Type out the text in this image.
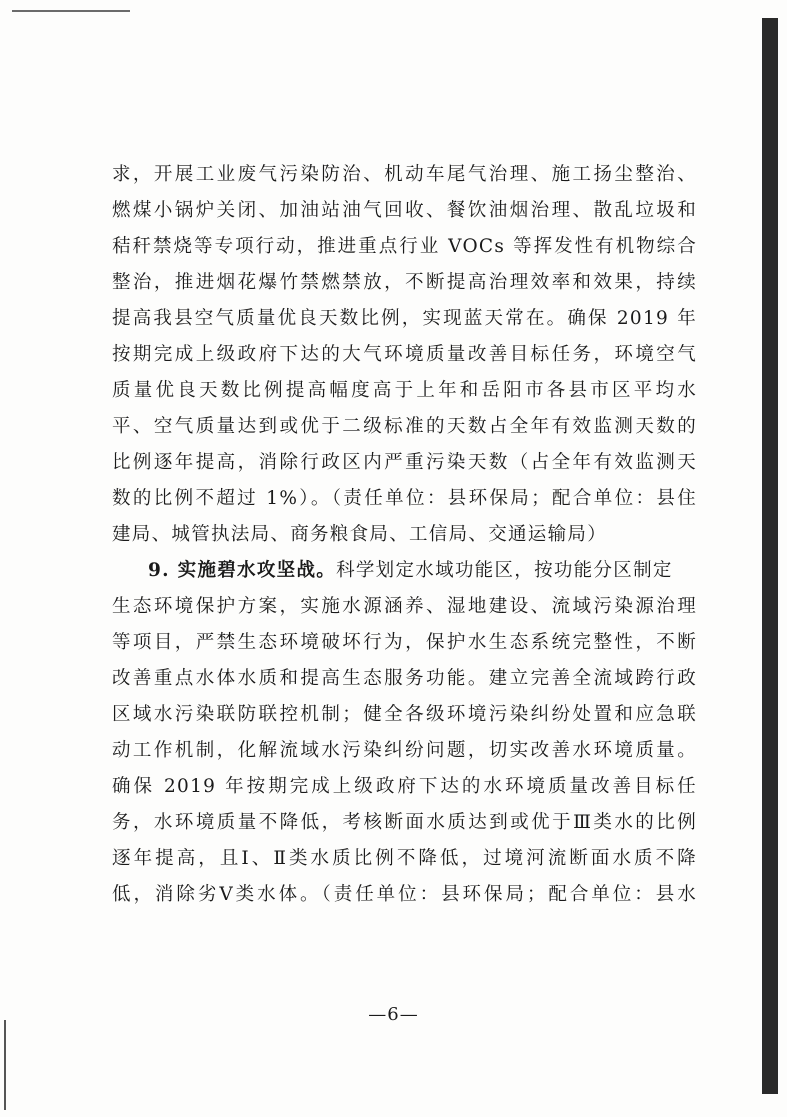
求，开展工业废气污染防治、机动车尾气治理、施工扬尘整治、
燃煤小锅炉关闭、加油站油气回收、餐饮油烟治理、散乱垃圾和
秸秆禁烧等专项行动，推进重点行业 VOCs 等挥发性有机物综合
整治，推进烟花爆竹禁燃禁放，不断提高治理效率和效果，持续
提高我县空气质量优良天数比例，实现蓝天常在。确保 2019 年
按期完成上级政府下达的大气环境质量改善目标任务，环境空气
质量优良天数比例提高幅度高于上年和岳阳市各县市区平均水
平、空气质量达到或优于二级标准的天数占全年有效监测天数的
比例逐年提高，消除行政区内严重污染天数（占全年有效监测天
数的比例不超过 1%）。（责任单位：县环保局；配合单位：县住
建局、城管执法局、商务粮食局、工信局、交通运输局）
9. 实施碧水攻坚战。科学划定水域功能区，按功能分区制定
生态环境保护方案，实施水源涵养、湿地建设、流域污染源治理
等项目，严禁生态环境破坏行为，保护水生态系统完整性，不断
改善重点水体水质和提高生态服务功能。建立完善全流域跨行政
区域水污染联防联控机制；健全各级环境污染纠纷处置和应急联
动工作机制，化解流域水污染纠纷问题，切实改善水环境质量。
确保 2019 年按期完成上级政府下达的水环境质量改善目标任
务，水环境质量不降低，考核断面水质达到或优于Ⅲ类水的比例
逐年提高，且Ⅰ、Ⅱ类水质比例不降低，过境河流断面水质不降
低，消除劣Ⅴ类水体。（责任单位：县环保局；配合单位：县水
—6—
